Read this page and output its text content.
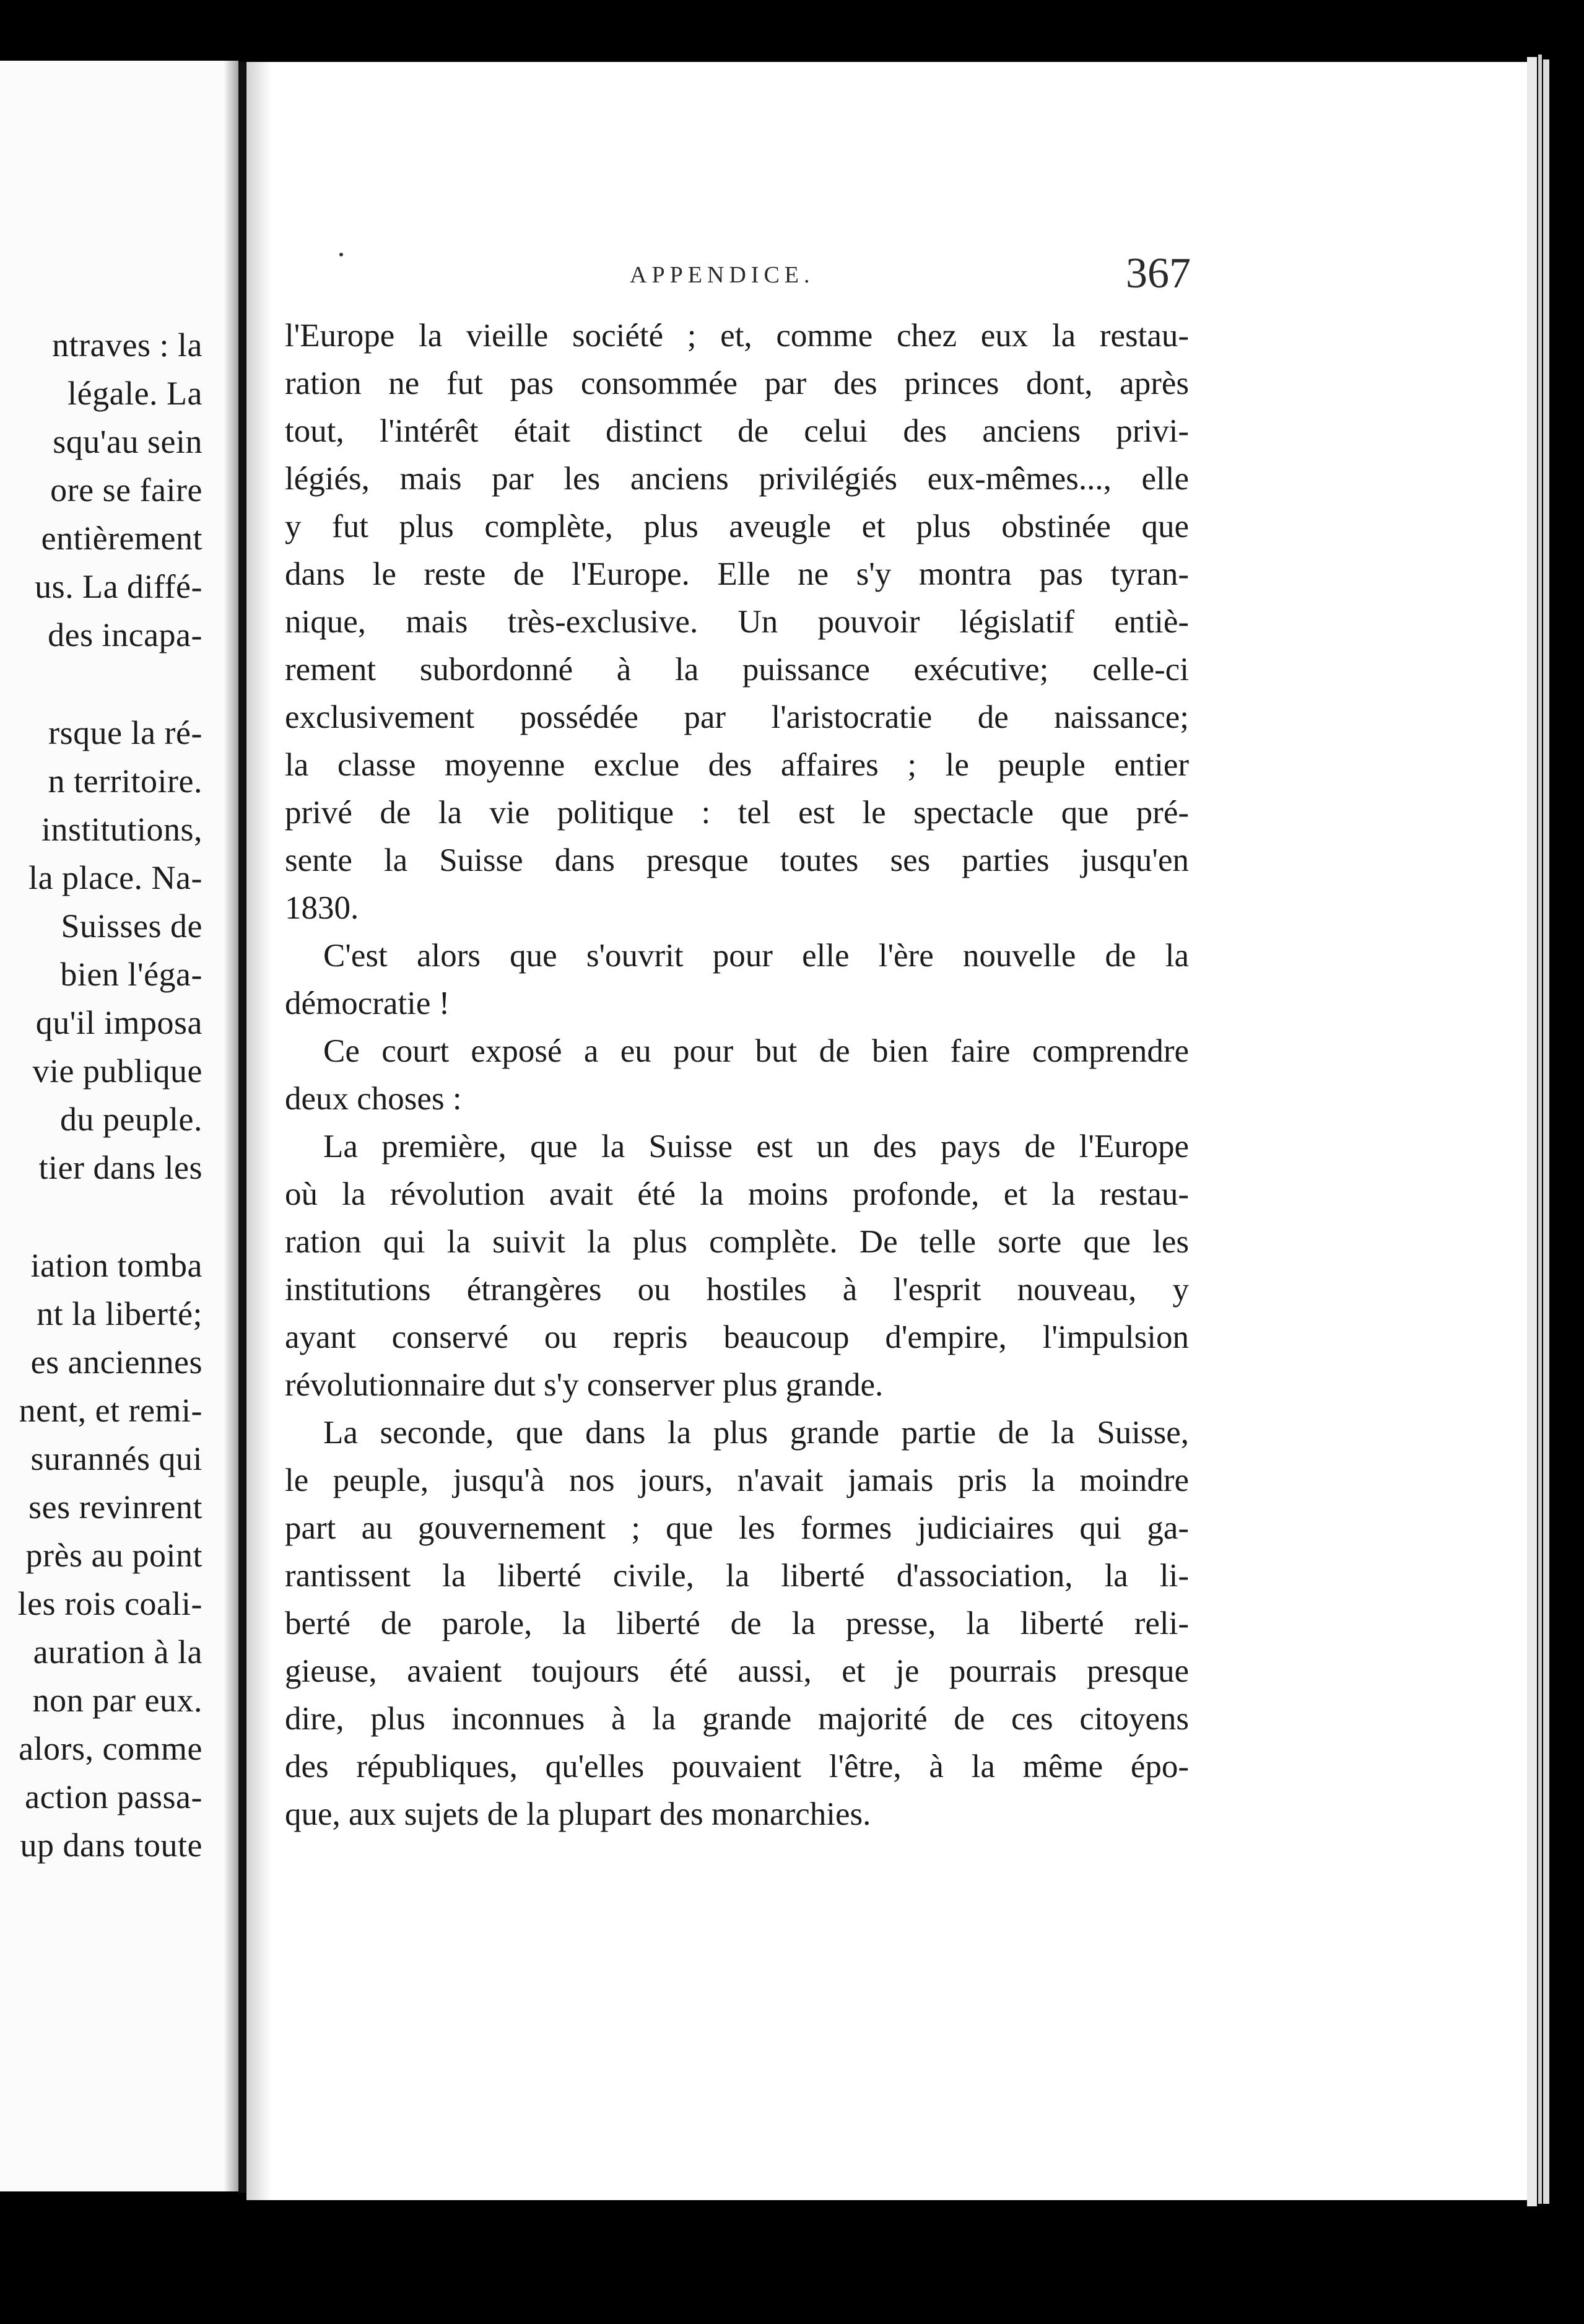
ntraves : la
légale. La
squ'au sein
ore se faire
entièrement
us. La diffé-
des incapa-
rsque la ré-
n territoire.
institutions,
la place. Na-
Suisses de
bien l'éga-
qu'il imposa
vie publique
du peuple.
tier dans les
iation tomba
nt la liberté;
es anciennes
nent, et remi-
surannés qui
ses revinrent
près au point
les rois coali-
auration à la
non par eux.
alors, comme
action passa-
up dans toute
APPENDICE.	367
l'Europe la vieille société ; et, comme chez eux la restau-
ration ne fut pas consommée par des princes dont, après
tout, l'intérêt était distinct de celui des anciens privi-
légiés, mais par les anciens privilégiés eux-mêmes..., elle
y fut plus complète, plus aveugle et plus obstinée que
dans le reste de l'Europe. Elle ne s'y montra pas tyran-
nique, mais très-exclusive. Un pouvoir législatif entiè-
rement subordonné à la puissance exécutive; celle-ci
exclusivement possédée par l'aristocratie de naissance;
la classe moyenne exclue des affaires ; le peuple entier
privé de la vie politique : tel est le spectacle que pré-
sente la Suisse dans presque toutes ses parties jusqu'en
1830.
C'est alors que s'ouvrit pour elle l'ère nouvelle de la
démocratie !
Ce court exposé a eu pour but de bien faire comprendre
deux choses :
La première, que la Suisse est un des pays de l'Europe
où la révolution avait été la moins profonde, et la restau-
ration qui la suivit la plus complète. De telle sorte que les
institutions étrangères ou hostiles à l'esprit nouveau, y
ayant conservé ou repris beaucoup d'empire, l'impulsion
révolutionnaire dut s'y conserver plus grande.
La seconde, que dans la plus grande partie de la Suisse,
le peuple, jusqu'à nos jours, n'avait jamais pris la moindre
part au gouvernement ; que les formes judiciaires qui ga-
rantissent la liberté civile, la liberté d'association, la li-
berté de parole, la liberté de la presse, la liberté reli-
gieuse, avaient toujours été aussi, et je pourrais presque
dire, plus inconnues à la grande majorité de ces citoyens
des républiques, qu'elles pouvaient l'être, à la même épo-
que, aux sujets de la plupart des monarchies.
